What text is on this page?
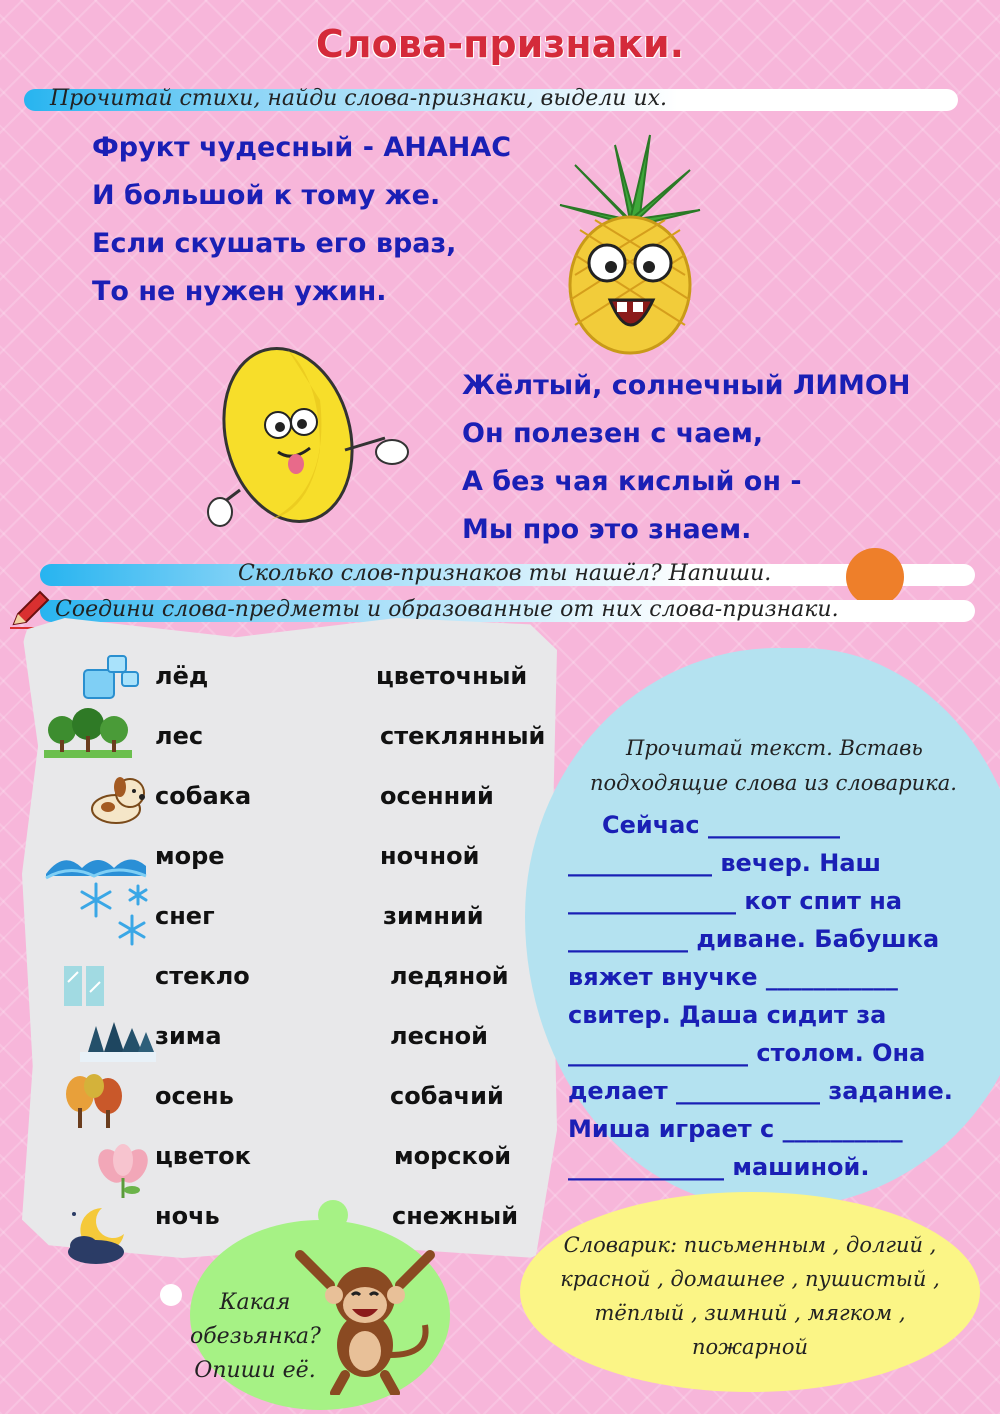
Слова-признаки.
Прочитай стихи, найди слова-признаки, выдели их.
Фрукт чудесный - АНАНАС
И большой к тому же.
Если скушать его враз,
То не нужен ужин.
Жёлтый, солнечный ЛИМОН
Он полезен с чаем,
А без чая кислый он -
Мы про это знаем.
Сколько слов-признаков ты нашёл? Напиши.
Соедини слова-предметы и образованные от них слова-признаки.
лёд
лес
собака
море
снег
стекло
зима
осень
цветок
ночь
цветочный
стеклянный
осенний
ночной
зимний
ледяной
лесной
собачий
морской
снежный
Прочитай текст. Вставь
подходящие слова из словарика.
Сейчас ___________
____________ вечер. Наш
______________ кот спит на
__________ диване. Бабушка
вяжет внучке ___________
свитер. Даша сидит за
_______________ столом. Она
делает ____________ задание.
Миша играет с __________
_____________ машиной.
Словарик: письменным , долгий ,
красной , домашнее , пушистый ,
тёплый , зимний , мягком ,
пожарной
Какая
обезьянка?
Опиши её.
